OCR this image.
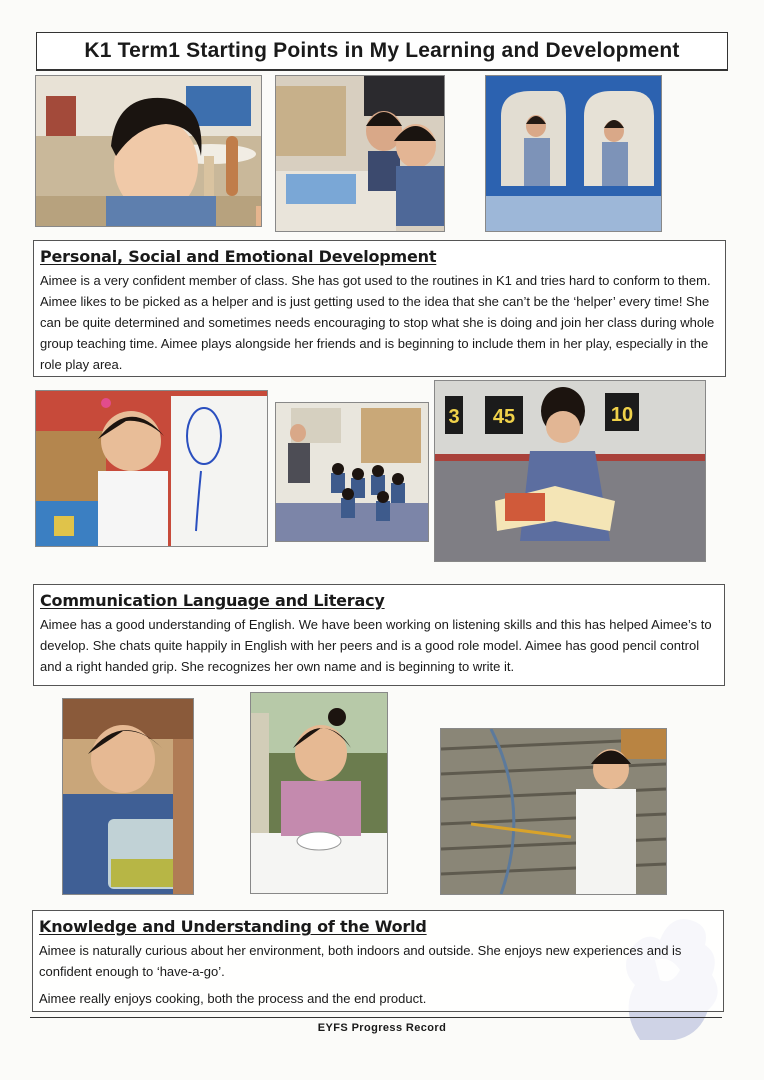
K1 Term1 Starting Points in My Learning and Development
Personal, Social and Emotional Development

Aimee is a very confident member of class. She has got used to the routines in K1 and tries hard to conform to them. Aimee likes to be picked as a helper and is just getting used to the idea that she can’t be the ‘helper’ every time! She can be quite determined and sometimes needs encouraging to stop what she is doing and join her class during whole group teaching time. Aimee plays alongside her friends and is beginning to include them in her play, especially in the role play area.

3 45	10
Communication Language and Literacy

Aimee has a good understanding of English. We have been working on listening skills and this has helped Aimee’s to develop. She chats quite happily in English with her peers and is a good role model. Aimee has good pencil control and a right handed grip. She recognizes her own name and is beginning to write it.

Knowledge and Understanding of the World

Aimee is naturally curious about her environment, both indoors and outside. She enjoys new experiences and is confident enough to ‘have-a-go’.

Aimee really enjoys cooking, both the process and the end product.

EYFS Progress Record
